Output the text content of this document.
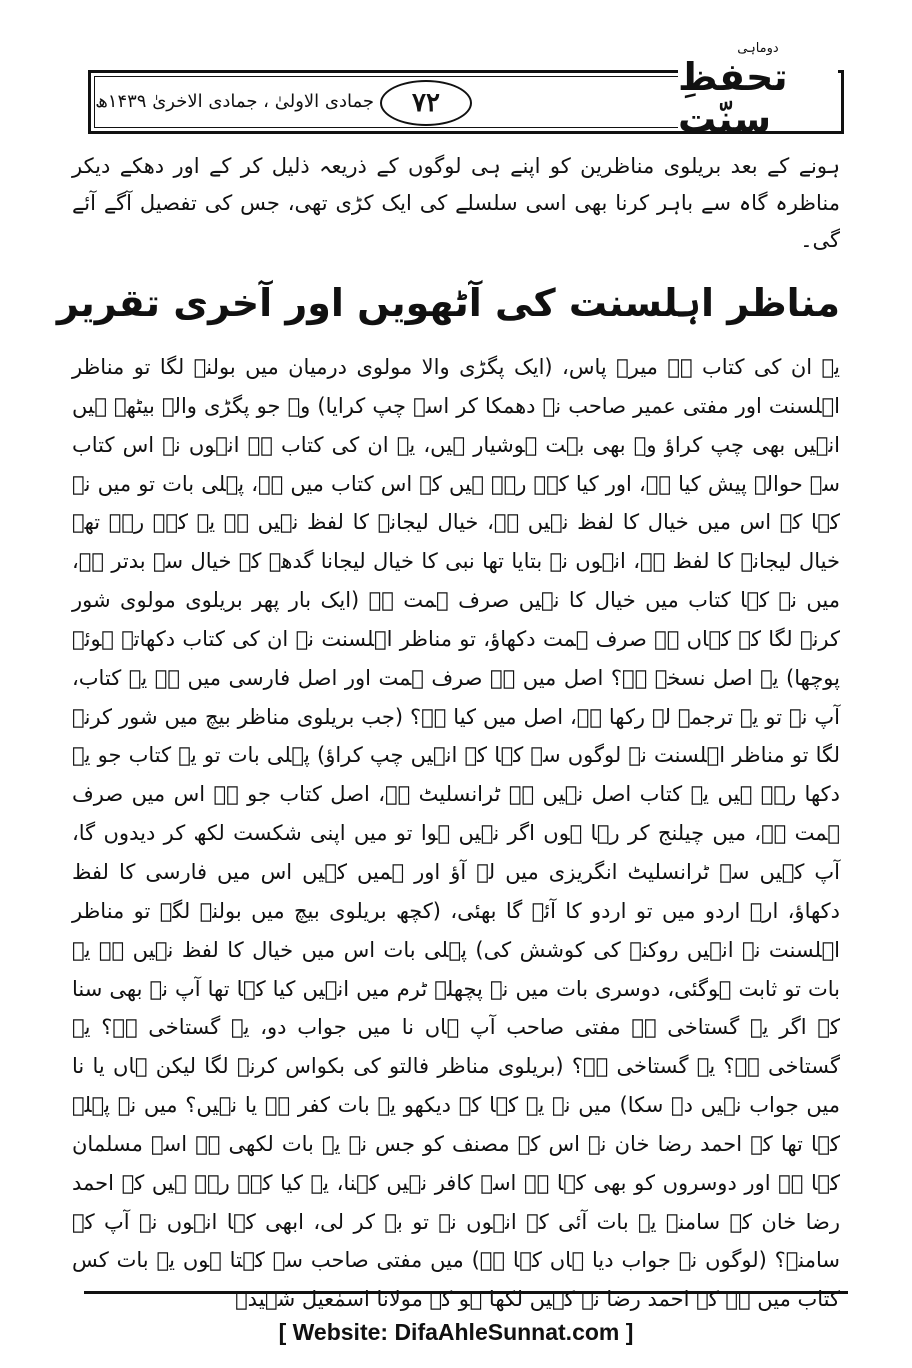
دوماہی
تحفظِ سنّت
۷۲
جمادی الاولیٰ ، جمادی الاخریٰ ۱۴۳۹ھ

ہونے کے بعد بریلوی مناظرین کو اپنے ہی لوگوں کے ذریعہ ذلیل کر کے اور دھکے دیکر مناظرہ گاہ سے باہر کرنا بھی اسی سلسلے کی ایک کڑی تھی، جس کی تفصیل آگے آئے گی۔

مناظر اہلسنت کی آٹھویں اور آخری تقریر

یہ ان کی کتاب ہے میرے پاس، (ایک پگڑی والا مولوی درمیان میں بولنے لگا تو مناظر اہلسنت اور مفتی عمیر صاحب نے دھمکا کر اسے چپ کرایا) وہ جو پگڑی والے بیٹھے ہیں انہیں بھی چپ کراؤ وہ بھی بہت ہوشیار ہیں، یہ ان کی کتاب ہے انہوں نے اس کتاب سے حوالہ پیش کیا ہے، اور کیا کہہ رہے ہیں کہ اس کتاب میں ہے، پہلی بات تو میں نے کہا کہ اس میں خیال کا لفظ نہیں ہے، خیال لیجانے کا لفظ نہیں ہے یہ کہہ رہے تھے خیال لیجانے کا لفظ ہے، انہوں نے بتایا تھا نبی کا خیال لیجانا گدھے کے خیال سے بدتر ہے، میں نے کہا کتاب میں خیال کا نہیں صرف ہمت ہے (ایک بار پھر بریلوی مولوی شور کرنے لگا کہ کہاں ہے صرف ہمت دکھاؤ، تو مناظر اہلسنت نے ان کی کتاب دکھاتے ہوئے پوچھا) یہ اصل نسخہ ہے؟ اصل میں ہے صرف ہمت اور اصل فارسی میں ہے یہ کتاب، آپ نے تو یہ ترجمہ لے رکھا ہے، اصل میں کیا ہے؟ (جب بریلوی مناظر بیچ میں شور کرنے لگا تو مناظر اہلسنت نے لوگوں سے کہا کہ انہیں چپ کراؤ) پہلی بات تو یہ کتاب جو یہ دکھا رہے ہیں یہ کتاب اصل نہیں ہے ٹرانسلیٹ ہے، اصل کتاب جو ہے اس میں صرف ہمت ہے، میں چیلنج کر رہا ہوں اگر نہیں ہوا تو میں اپنی شکست لکھ کر دیدوں گا، آپ کہیں سے ٹرانسلیٹ انگریزی میں لے آؤ اور ہمیں کہیں اس میں فارسی کا لفظ دکھاؤ، ارے اردو میں تو اردو کا آئے گا بھئی، (کچھ بریلوی بیچ میں بولنے لگے تو مناظر اہلسنت نے انہیں روکنے کی کوشش کی) پہلی بات اس میں خیال کا لفظ نہیں ہے یہ بات تو ثابت ہوگئی، دوسری بات میں نے پچھلے ٹرم میں انہیں کیا کہا تھا آپ نے بھی سنا کہ اگر یہ گستاخی ہے مفتی صاحب آپ ہاں نا میں جواب دو، یہ گستاخی ہے؟ یہ گستاخی ہے؟ یہ گستاخی ہے؟ (بریلوی مناظر فالتو کی بکواس کرنے لگا لیکن ہاں یا نا میں جواب نہیں دے سکا) میں نے یہ کہا کہ دیکھو یہ بات کفر ہے یا نہیں؟ میں نے پہلے کہا تھا کہ احمد رضا خان نے اس کے مصنف کو جس نے یہ بات لکھی ہے اسے مسلمان کہا ہے اور دوسروں کو بھی کہا ہے اسے کافر نہیں کہنا، یہ کیا کہہ رہے ہیں کہ احمد رضا خان کے سامنے یہ بات آئی کہ انہوں نے تو بہ کر لی، ابھی کہا انہوں نے آپ کے سامنے؟ (لوگوں نے جواب دیا ہاں کہا ہے) میں مفتی صاحب سے کہتا ہوں یہ بات کس کتاب میں ہے کہ احمد رضا نے کہیں لکھا ہو کہ مولانا اسمٰعیل شہیدؒ

[ Website: DifaAhleSunnat.com ]
